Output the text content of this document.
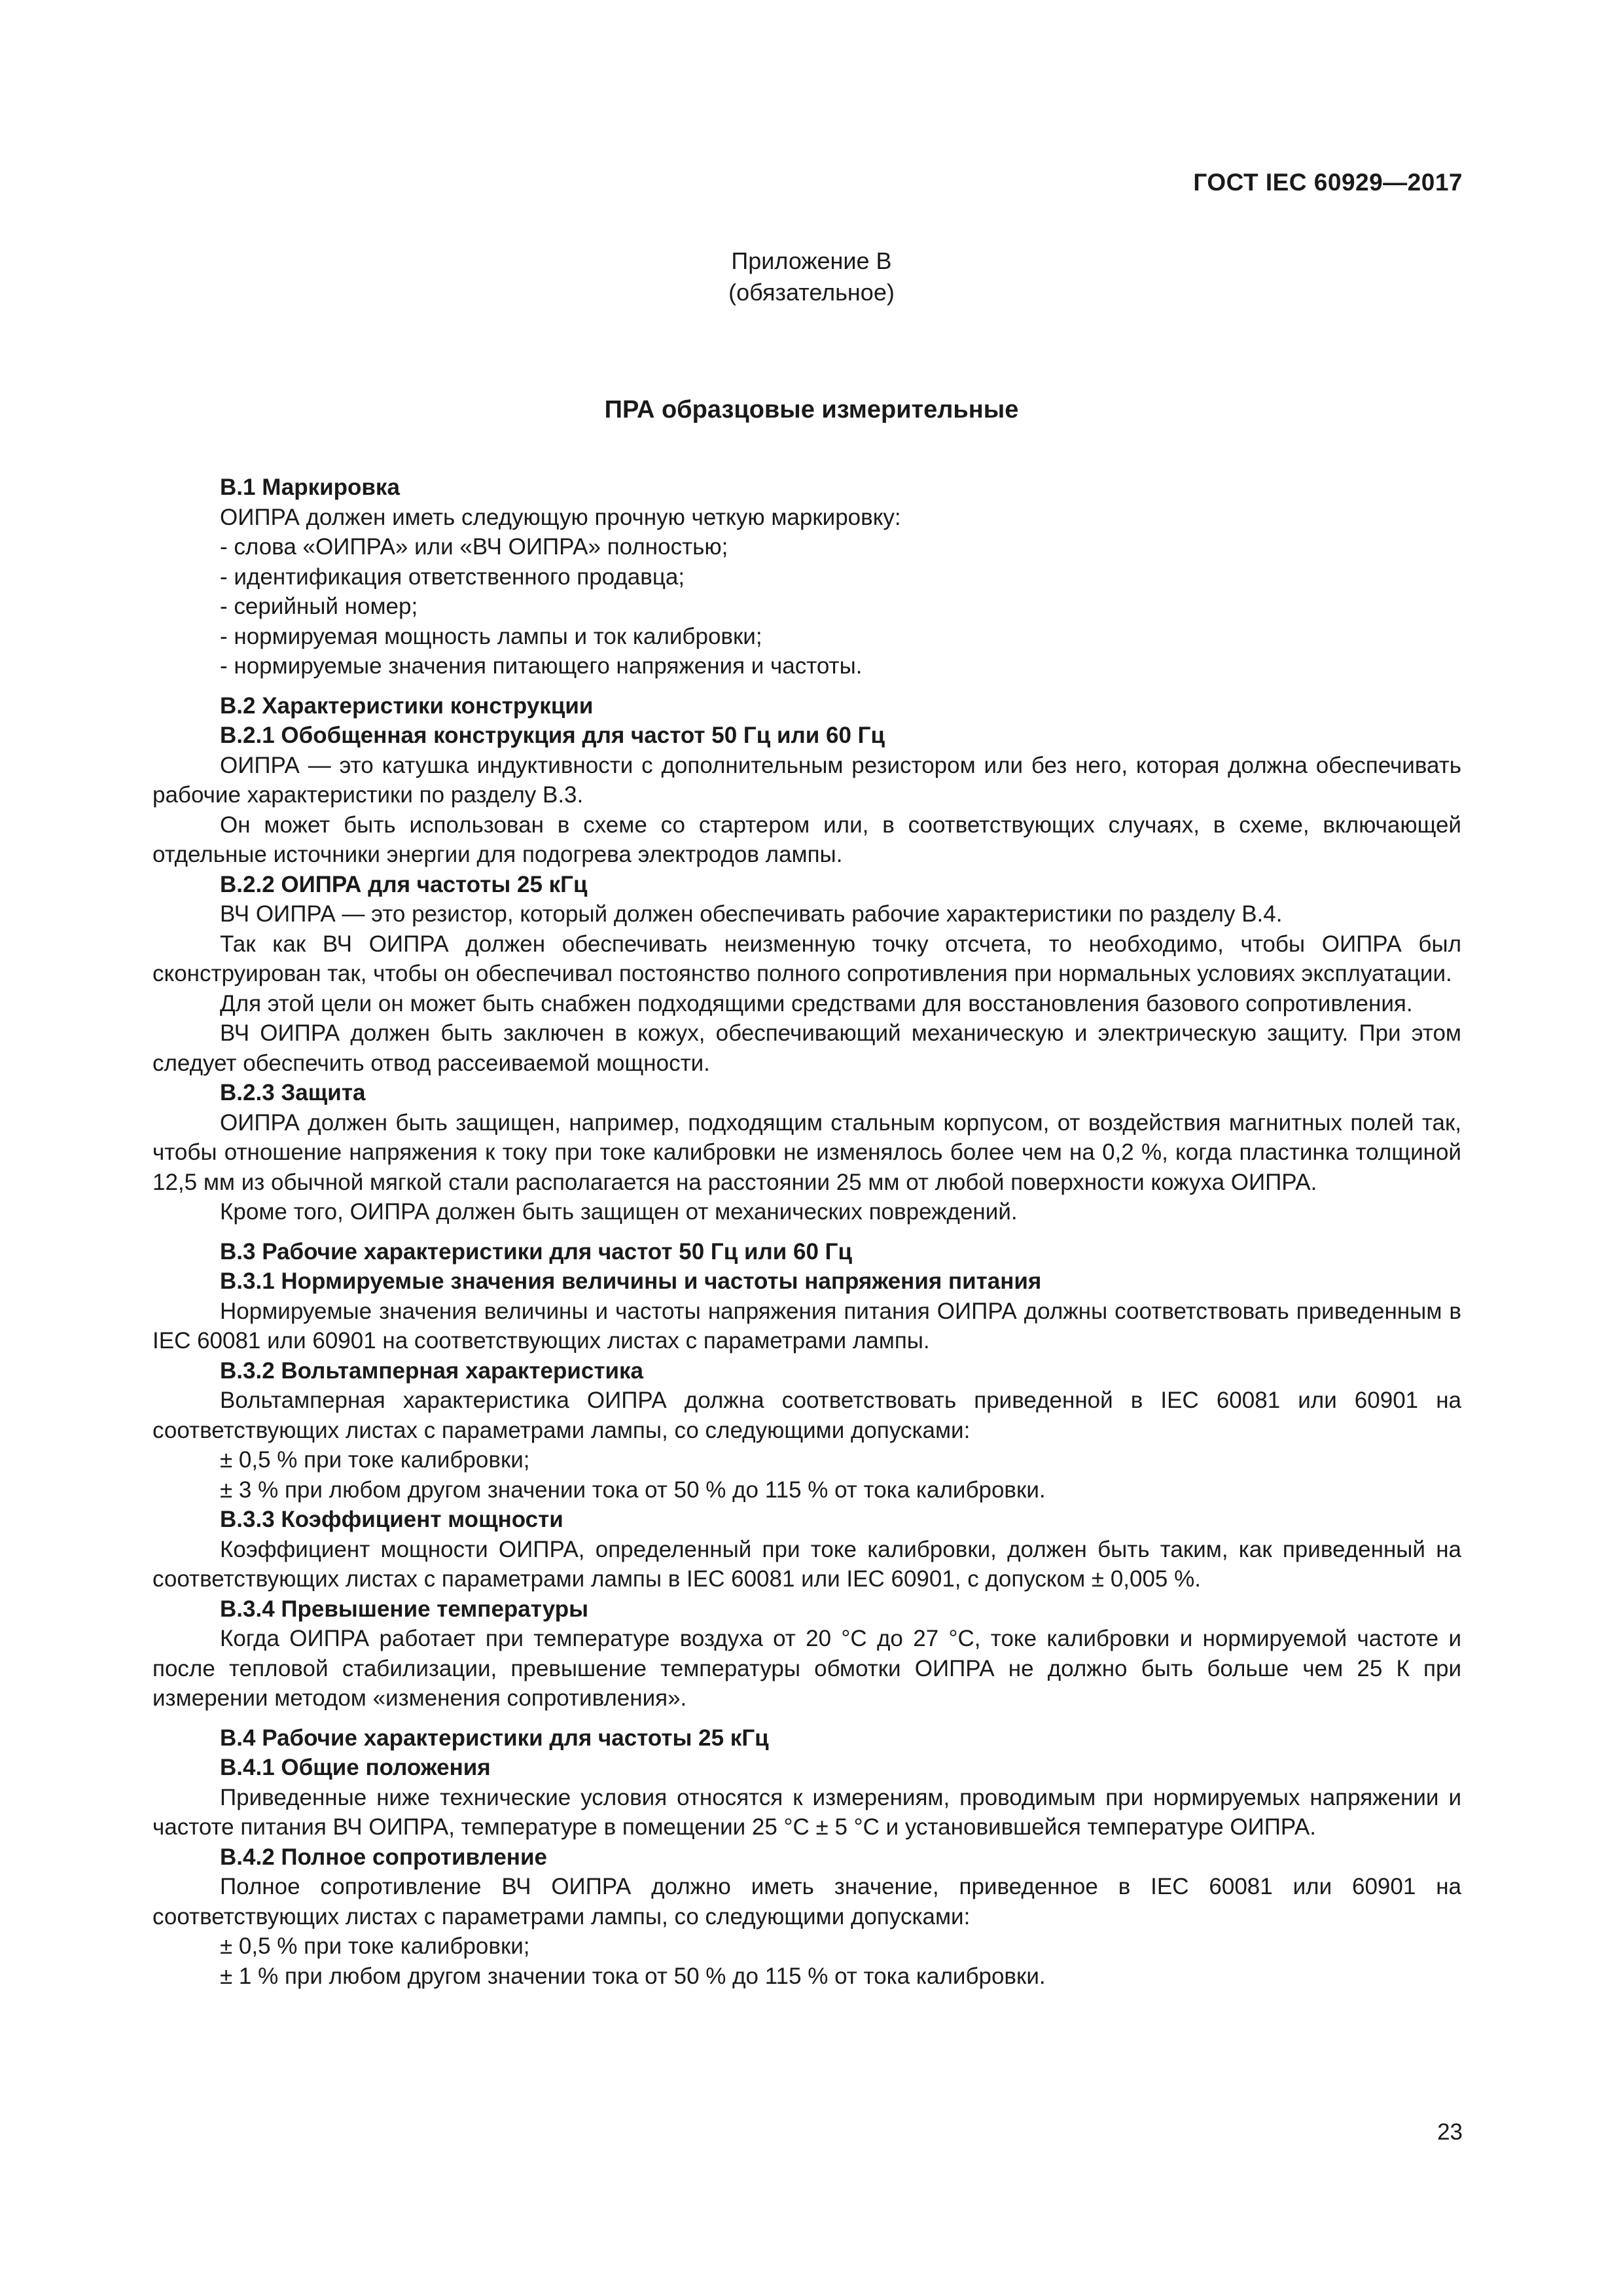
ГОСТ IEC 60929—2017
Приложение В
(обязательное)
ПРА образцовые измерительные
В.1 Маркировка
ОИПРА должен иметь следующую прочную четкую маркировку:
- слова «ОИПРА» или «ВЧ ОИПРА» полностью;
- идентификация ответственного продавца;
- серийный номер;
- нормируемая мощность лампы и ток калибровки;
- нормируемые значения питающего напряжения и частоты.
В.2 Характеристики конструкции
В.2.1 Обобщенная конструкция для частот 50 Гц или 60 Гц
ОИПРА — это катушка индуктивности с дополнительным резистором или без него, которая должна обеспечивать рабочие характеристики по разделу В.3.
Он может быть использован в схеме со стартером или, в соответствующих случаях, в схеме, включающей отдельные источники энергии для подогрева электродов лампы.
В.2.2 ОИПРА для частоты 25 кГц
ВЧ ОИПРА — это резистор, который должен обеспечивать рабочие характеристики по разделу В.4.
Так как ВЧ ОИПРА должен обеспечивать неизменную точку отсчета, то необходимо, чтобы ОИПРА был сконструирован так, чтобы он обеспечивал постоянство полного сопротивления при нормальных условиях эксплуатации.
Для этой цели он может быть снабжен подходящими средствами для восстановления базового сопротивления.
ВЧ ОИПРА должен быть заключен в кожух, обеспечивающий механическую и электрическую защиту. При этом следует обеспечить отвод рассеиваемой мощности.
В.2.3 Защита
ОИПРА должен быть защищен, например, подходящим стальным корпусом, от воздействия магнитных полей так, чтобы отношение напряжения к току при токе калибровки не изменялось более чем на 0,2 %, когда пластинка толщиной 12,5 мм из обычной мягкой стали располагается на расстоянии 25 мм от любой поверхности кожуха ОИПРА.
Кроме того, ОИПРА должен быть защищен от механических повреждений.
В.3 Рабочие характеристики для частот 50 Гц или 60 Гц
В.3.1 Нормируемые значения величины и частоты напряжения питания
Нормируемые значения величины и частоты напряжения питания ОИПРА должны соответствовать приведенным в IEC 60081 или 60901 на соответствующих листах с параметрами лампы.
В.3.2 Вольтамперная характеристика
Вольтамперная характеристика ОИПРА должна соответствовать приведенной в IEC 60081 или 60901 на соответствующих листах с параметрами лампы, со следующими допусками:
± 0,5 % при токе калибровки;
± 3 % при любом другом значении тока от 50 % до 115 % от тока калибровки.
В.3.3 Коэффициент мощности
Коэффициент мощности ОИПРА, определенный при токе калибровки, должен быть таким, как приведенный на соответствующих листах с параметрами лампы в IEC 60081 или IEC 60901, с допуском ± 0,005 %.
В.3.4 Превышение температуры
Когда ОИПРА работает при температуре воздуха от 20 °С до 27 °С, токе калибровки и нормируемой частоте и после тепловой стабилизации, превышение температуры обмотки ОИПРА не должно быть больше чем 25 К при измерении методом «изменения сопротивления».
В.4 Рабочие характеристики для частоты 25 кГц
В.4.1 Общие положения
Приведенные ниже технические условия относятся к измерениям, проводимым при нормируемых напряжении и частоте питания ВЧ ОИПРА, температуре в помещении 25 °С ± 5 °С и установившейся температуре ОИПРА.
В.4.2 Полное сопротивление
Полное сопротивление ВЧ ОИПРА должно иметь значение, приведенное в IEC 60081 или 60901 на соответствующих листах с параметрами лампы, со следующими допусками:
± 0,5 % при токе калибровки;
± 1 % при любом другом значении тока от 50 % до 115 % от тока калибровки.
23
